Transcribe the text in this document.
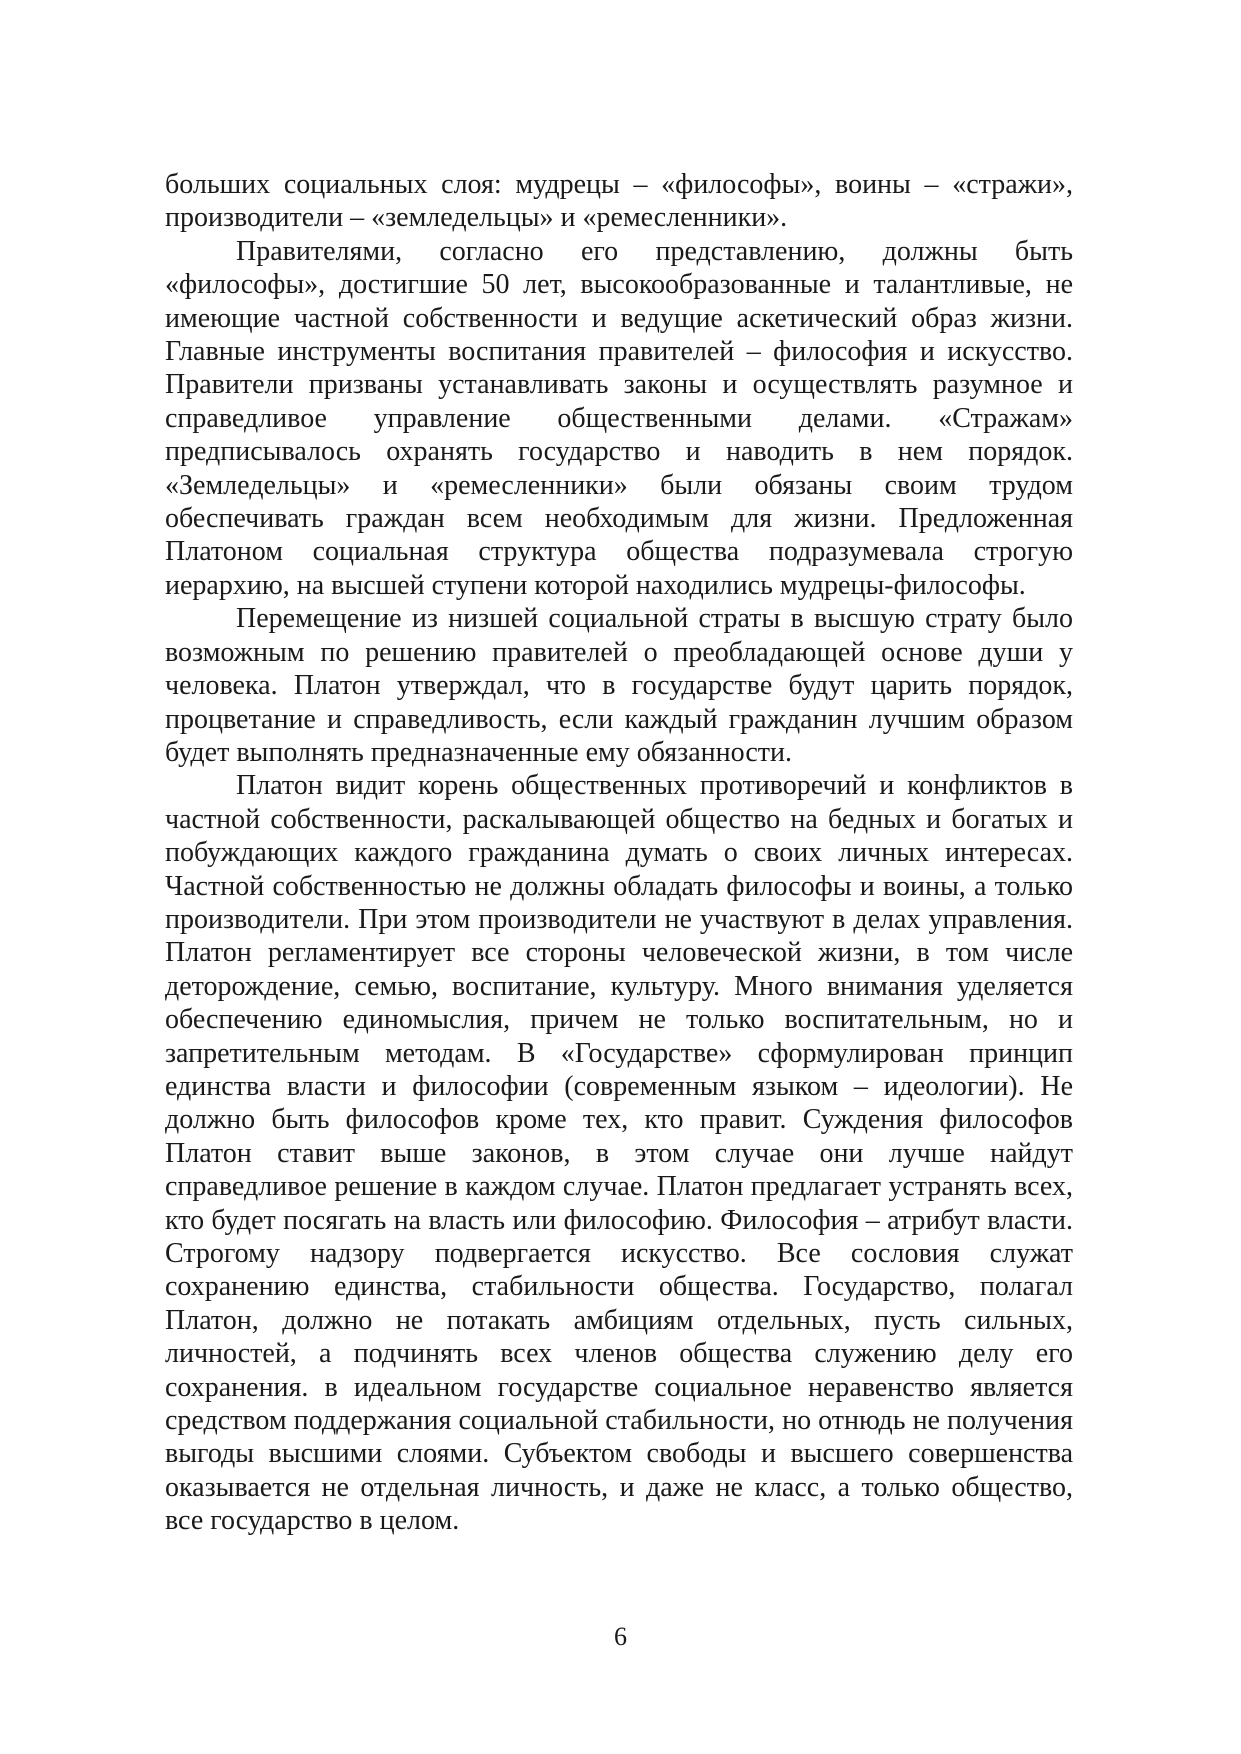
больших социальных слоя: мудрецы – «философы», воины – «стражи», производители – «земледельцы» и «ремесленники».

Правителями, согласно его представлению, должны быть «философы», достигшие 50 лет, высокообразованные и талантливые, не имеющие частной собственности и ведущие аскетический образ жизни. Главные инструменты воспитания правителей – философия и искусство. Правители призваны устанавливать законы и осуществлять разумное и справедливое управление общественными делами. «Стражам» предписывалось охранять государство и наводить в нем порядок. «Земледельцы» и «ремесленники» были обязаны своим трудом обеспечивать граждан всем необходимым для жизни. Предложенная Платоном социальная структура общества подразумевала строгую иерархию, на высшей ступени которой находились мудрецы-философы.

Перемещение из низшей социальной страты в высшую страту было возможным по решению правителей о преобладающей основе души у человека. Платон утверждал, что в государстве будут царить порядок, процветание и справедливость, если каждый гражданин лучшим образом будет выполнять предназначенные ему обязанности.

Платон видит корень общественных противоречий и конфликтов в частной собственности, раскалывающей общество на бедных и богатых и побуждающих каждого гражданина думать о своих личных интересах. Частной собственностью не должны обладать философы и воины, а только производители. При этом производители не участвуют в делах управления. Платон регламентирует все стороны человеческой жизни, в том числе деторождение, семью, воспитание, культуру. Много внимания уделяется обеспечению единомыслия, причем не только воспитательным, но и запретительным методам. В «Государстве» сформулирован принцип единства власти и философии (современным языком – идеологии). Не должно быть философов кроме тех, кто правит. Суждения философов Платон ставит выше законов, в этом случае они лучше найдут справедливое решение в каждом случае. Платон предлагает устранять всех, кто будет посягать на власть или философию. Философия – атрибут власти. Строгому надзору подвергается искусство. Все сословия служат сохранению единства, стабильности общества. Государство, полагал Платон, должно не потакать амбициям отдельных, пусть сильных, личностей, а подчинять всех членов общества служению делу его сохранения. в идеальном государстве социальное неравенство является средством поддержания социальной стабильности, но отнюдь не получения выгоды высшими слоями. Субъектом свободы и высшего совершенства оказывается не отдельная личность, и даже не класс, а только общество, все государство в целом.

6
